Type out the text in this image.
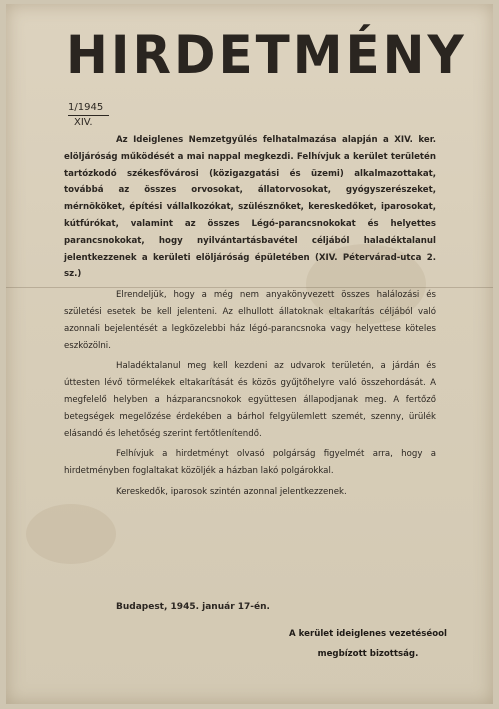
HIRDETMÉNY
1/1945
XIV.

Az Ideiglenes Nemzetgyűlés felhatalmazása alapján a XIV. ker. elöljáróság működését a mai nappal megkezdi. Felhívjuk a kerület területén tartózkodó székesfővárosi (közigazgatási és üzemi) alkalmazottakat, továbbá az összes orvosokat, állatorvosokat, gyógyszerészeket, mérnököket, építési vállalkozókat, szülésznőket, kereskedőket, iparosokat, kútfúrókat, valamint az összes Légó-parancsnokokat és helyettes parancsnokokat, hogy nyilvántartásbavétel céljából haladéktalanul jelentkezzenek a kerületi elöljáróság épületében (XIV. Pétervárad-utca 2. sz.)

Elrendeljük, hogy a még nem anyakönyvezett összes halálozási és születési esetek be kell jelenteni. Az elhullott állatoknak eltakarítás céljából való azonnali bejelentését a legközelebbi ház légó-parancsnoka vagy helyettese köteles eszközölni.

Haladéktalanul meg kell kezdeni az udvarok területén, a járdán és úttesten lévő törmelékek eltakarítását és közös gyűjtőhelyre való összehordását. A megfelelő helyben a házparancsnokok együttesen állapodjanak meg. A fertőző betegségek megelőzése érdekében a bárhol felgyülemlett szemét, szenny, ürülék elásandó és lehetőség szerint fertőtlenítendő.

Felhívjuk a hirdetményt olvasó polgárság figyelmét arra, hogy a hirdetményben foglaltakat közöljék a házban lakó polgárokkal.

Kereskedők, iparosok szintén azonnal jelentkezzenek.

Budapest, 1945. január 17-én.
A kerület ideiglenes vezetéséool
megbízott bizottság.
